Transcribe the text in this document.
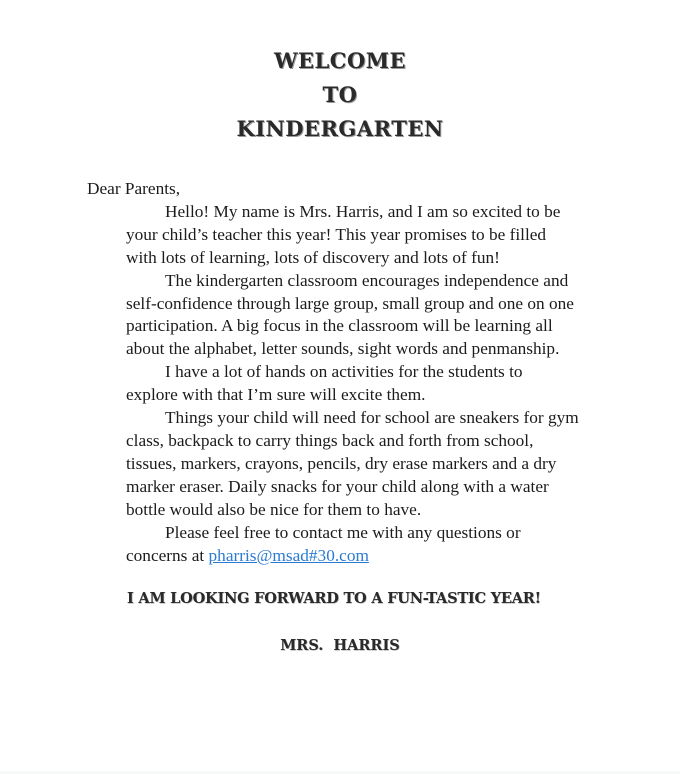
WELCOME
TO
KINDERGARTEN
Dear Parents,
Hello! My name is Mrs. Harris, and I am so excited to be
your child’s teacher this year! This year promises to be filled
with lots of learning, lots of discovery and lots of fun!
The kindergarten classroom encourages independence and
self-confidence through large group, small group and one on one
participation. A big focus in the classroom will be learning all
about the alphabet, letter sounds, sight words and penmanship.
I have a lot of hands on activities for the students to
explore with that I’m sure will excite them.
Things your child will need for school are sneakers for gym
class, backpack to carry things back and forth from school,
tissues, markers, crayons, pencils, dry erase markers and a dry
marker eraser. Daily snacks for your child along with a water
bottle would also be nice for them to have.
Please feel free to contact me with any questions or
concerns at pharris@msad#30.com
I AM LOOKING FORWARD TO A FUN-TASTIC YEAR!
MRS.  HARRIS
